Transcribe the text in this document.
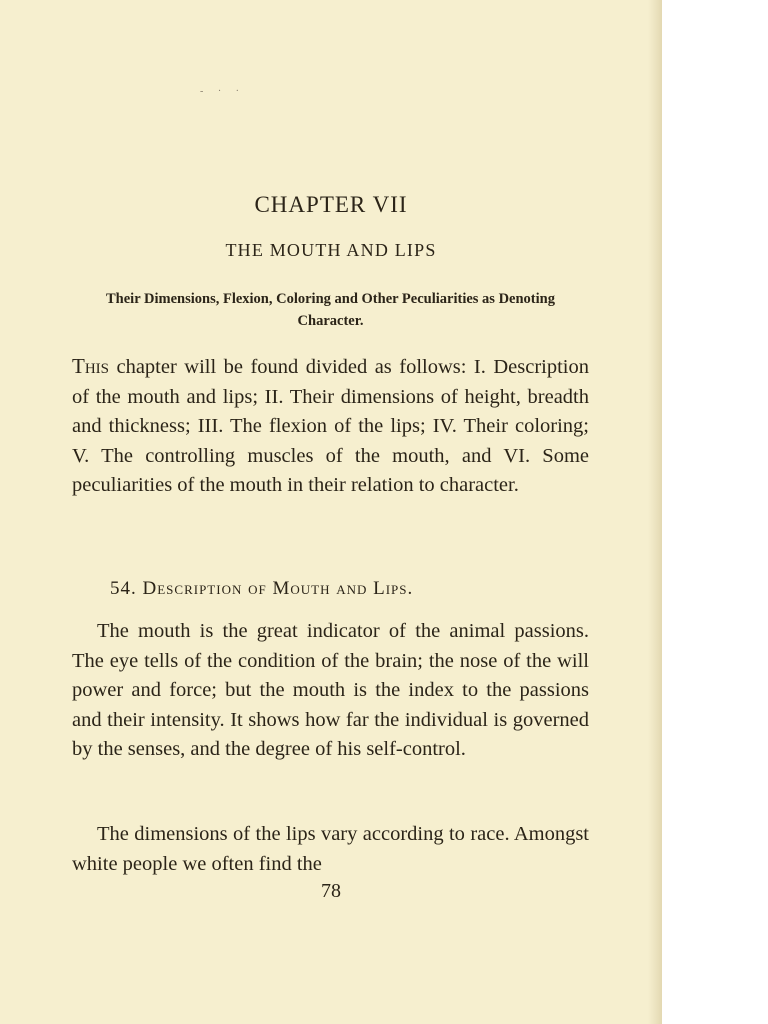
- · ·
CHAPTER VII
THE MOUTH AND LIPS
Their Dimensions, Flexion, Coloring and Other Peculiarities as Denoting Character.
This chapter will be found divided as follows: I. Description of the mouth and lips; II. Their dimensions of height, breadth and thickness; III. The flexion of the lips; IV. Their coloring; V. The controlling muscles of the mouth, and VI. Some peculiarities of the mouth in their relation to character.
54. Description of Mouth and Lips.
The mouth is the great indicator of the animal passions. The eye tells of the condition of the brain; the nose of the will power and force; but the mouth is the index to the passions and their intensity. It shows how far the individual is governed by the senses, and the degree of his self-control.
The dimensions of the lips vary according to race. Amongst white people we often find the
78
